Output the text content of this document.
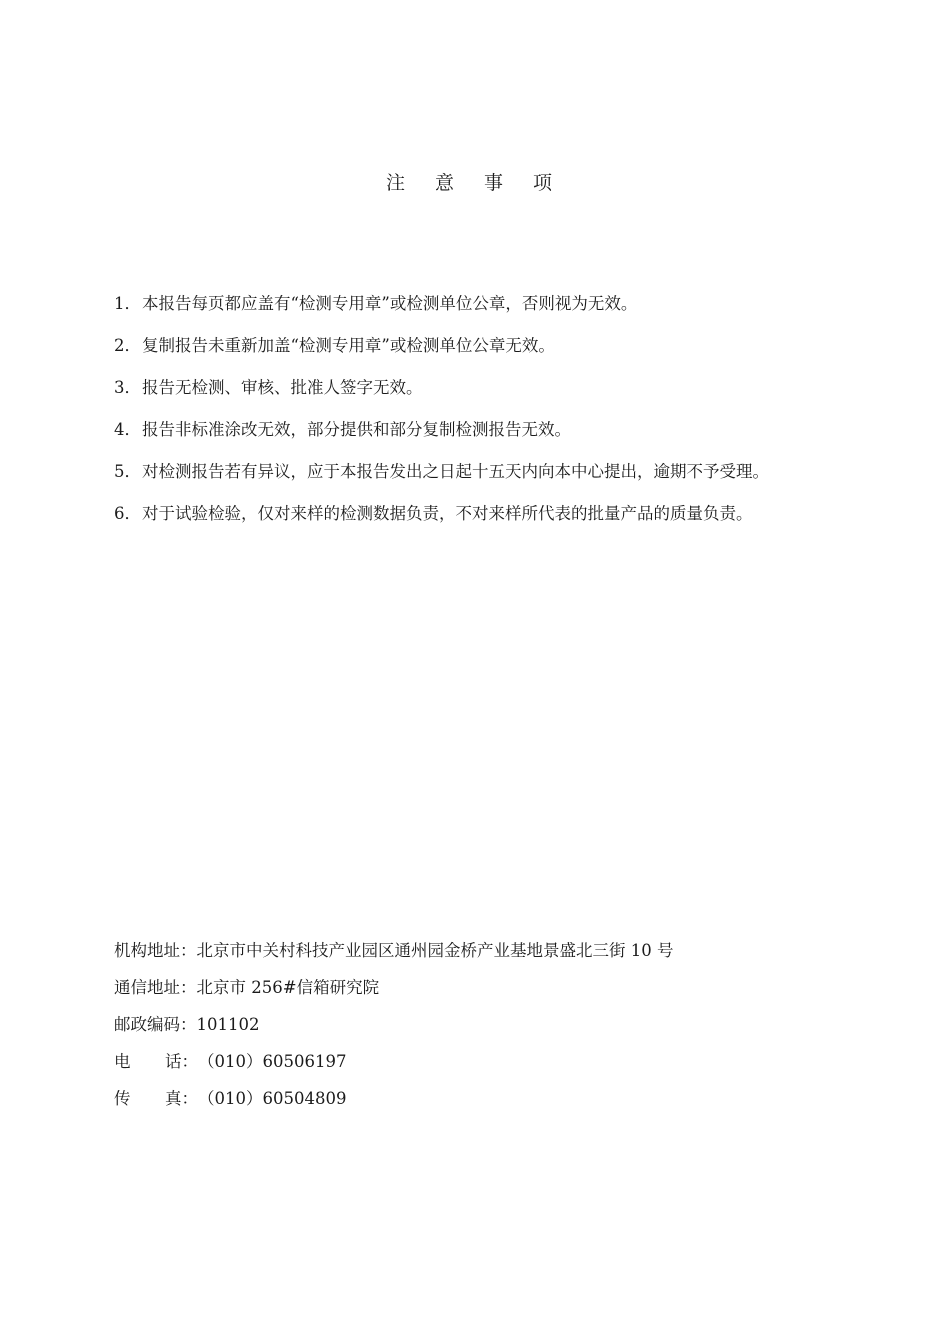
注 意 事 项
1． 本报告每页都应盖有“检测专用章”或检测单位公章，否则视为无效。
2． 复制报告未重新加盖“检测专用章”或检测单位公章无效。
3． 报告无检测、审核、批准人签字无效。
4． 报告非标准涂改无效，部分提供和部分复制检测报告无效。
5． 对检测报告若有异议，应于本报告发出之日起十五天内向本中心提出，逾期不予受理。
6． 对于试验检验，仅对来样的检测数据负责，不对来样所代表的批量产品的质量负责。
机构地址： 北京市中关村科技产业园区通州园金桥产业基地景盛北三街 10 号
通信地址： 北京市 256#信箱研究院
邮政编码： 101102
电 话： （010）60506197
传 真： （010）60504809
